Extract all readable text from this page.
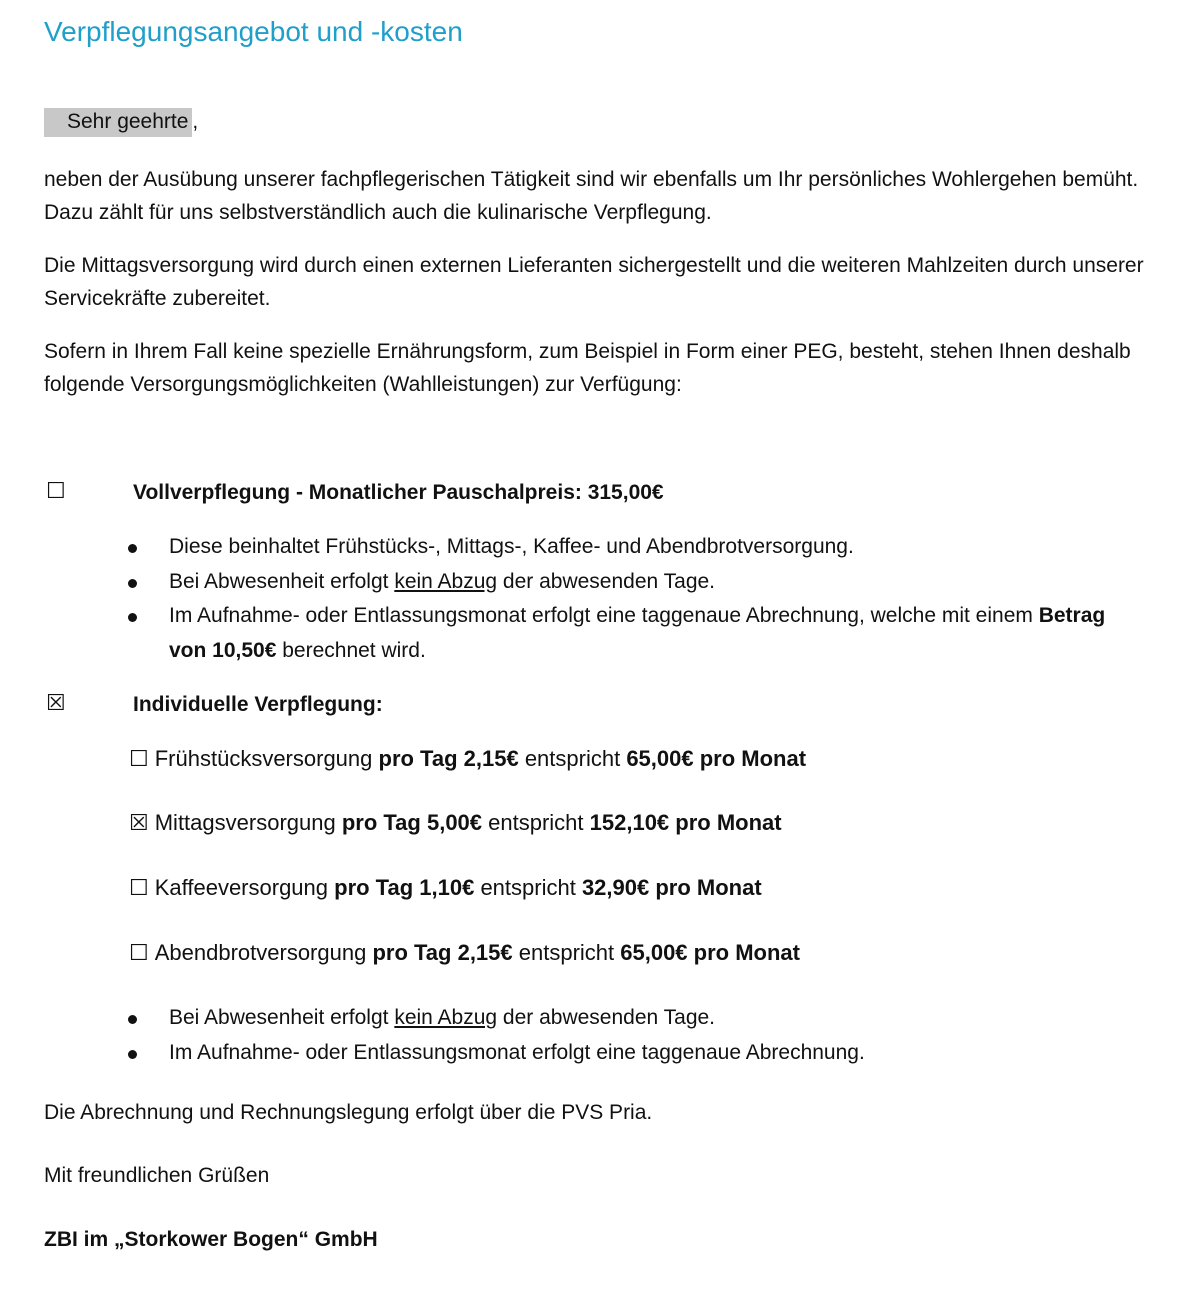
Verpflegungsangebot und -kosten
Sehr geehrte ,

neben der Ausübung unserer fachpflegerischen Tätigkeit sind wir ebenfalls um Ihr persönliches Wohlergehen bemüht. Dazu zählt für uns selbstverständlich auch die kulinarische Verpflegung.

Die Mittagsversorgung wird durch einen externen Lieferanten sichergestellt und die weiteren Mahlzeiten durch unserer Servicekräfte zubereitet.

Sofern in Ihrem Fall keine spezielle Ernährungsform, zum Beispiel in Form einer PEG, besteht, stehen Ihnen deshalb folgende Versorgungsmöglichkeiten (Wahlleistungen) zur Verfügung:

☐	Vollverpflegung - Monatlicher Pauschalpreis: 315,00€
Diese beinhaltet Frühstücks-, Mittags-, Kaffee- und Abendbrotversorgung.
Bei Abwesenheit erfolgt kein Abzug der abwesenden Tage.
Im Aufnahme- oder Entlassungsmonat erfolgt eine taggenaue Abrechnung, welche mit einem Betrag von 10,50€ berechnet wird.
☒	Individuelle Verpflegung:
☐ Frühstücksversorgung pro Tag 2,15€ entspricht 65,00€ pro Monat
☒ Mittagsversorgung pro Tag 5,00€ entspricht 152,10€ pro Monat
☐ Kaffeeversorgung pro Tag 1,10€ entspricht 32,90€ pro Monat
☐ Abendbrotversorgung pro Tag 2,15€ entspricht 65,00€ pro Monat
Bei Abwesenheit erfolgt kein Abzug der abwesenden Tage.
Im Aufnahme- oder Entlassungsmonat erfolgt eine taggenaue Abrechnung.
Die Abrechnung und Rechnungslegung erfolgt über die PVS Pria.
Mit freundlichen Grüßen
ZBI im „Storkower Bogen“ GmbH
